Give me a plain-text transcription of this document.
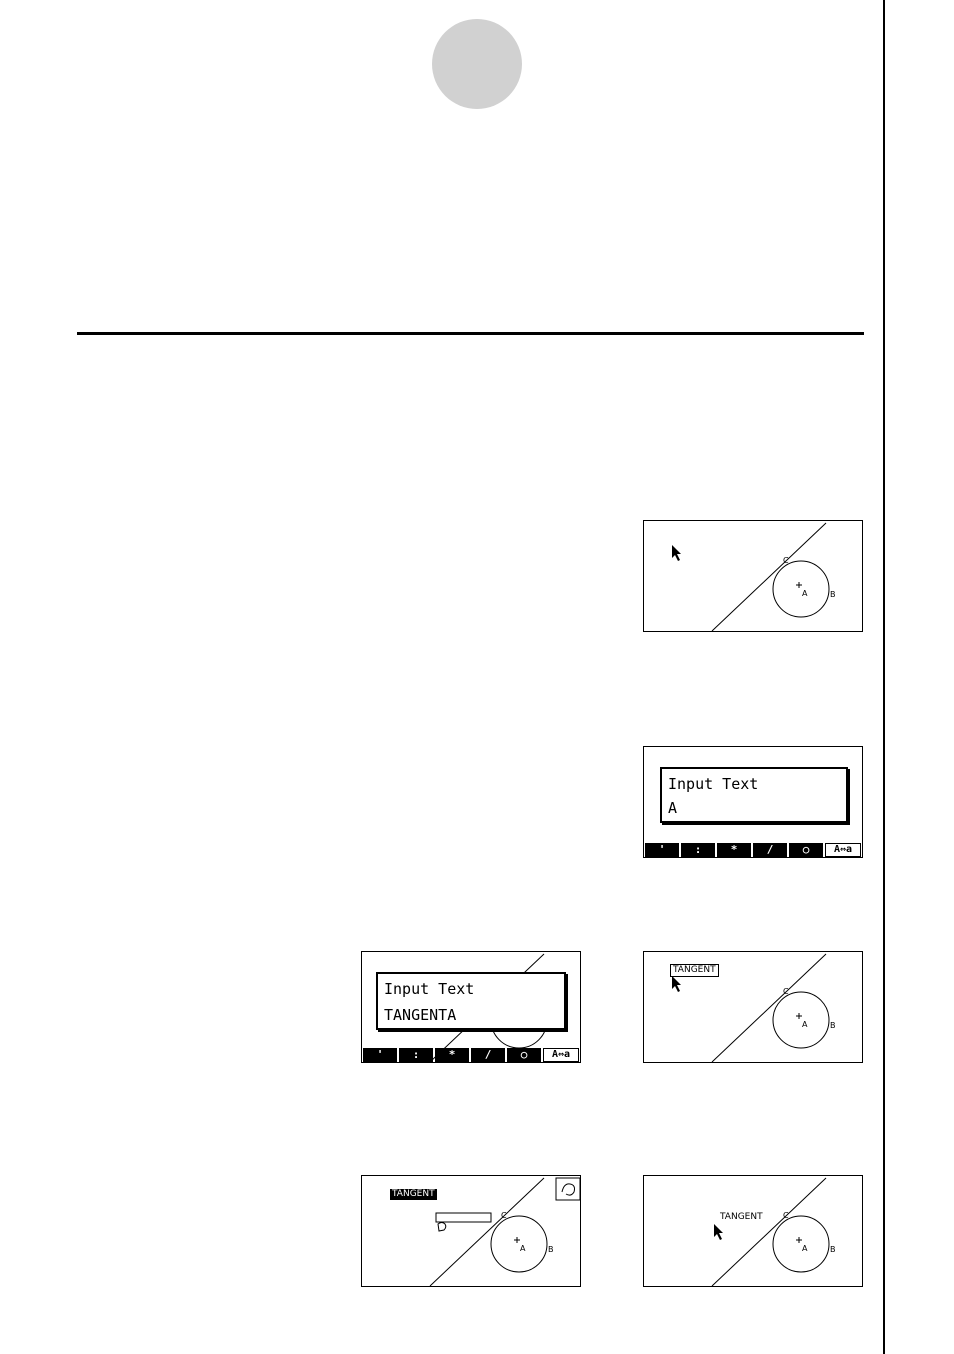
A	B
C
Input Text
A
'	:	*	/	○	A⇔a
Input Text
TANGENTA
'	:	*	/	○	A⇔a
A	B
C
TANGENT
A	B
C
TANGENT
A	B
C
TANGENT
